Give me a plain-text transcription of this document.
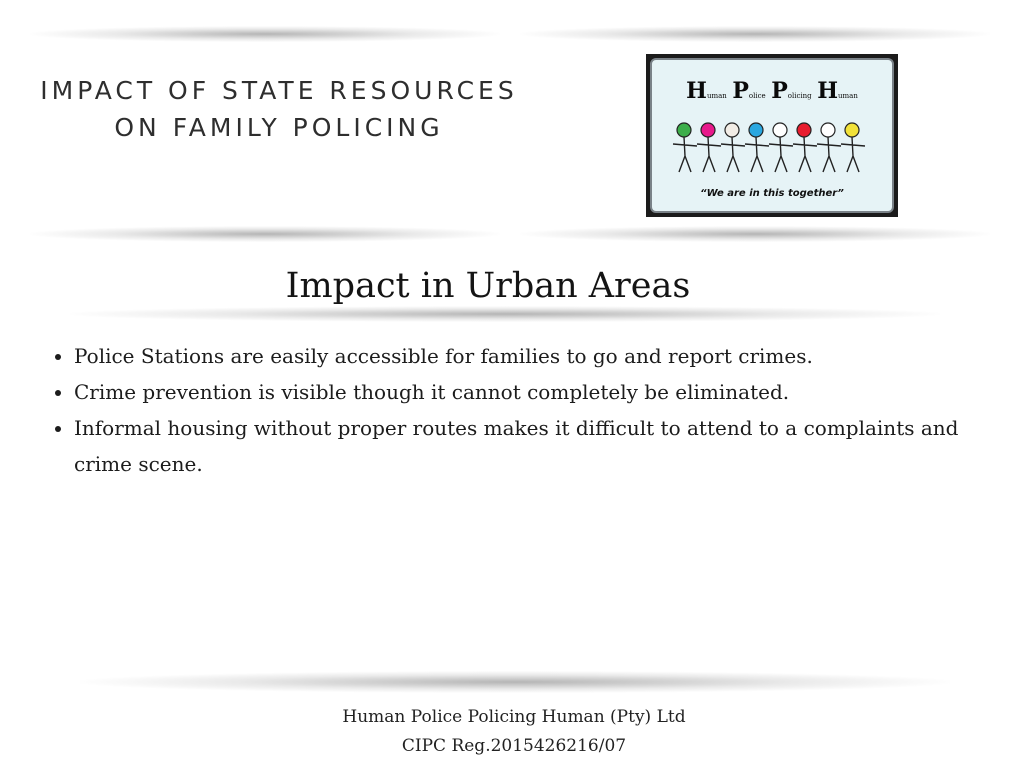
IMPACT OF STATE RESOURCES
ON FAMILY POLICING
Human Police Policing Human
“We are in this together”
Impact in Urban Areas
• Police Stations are easily accessible for families to go and report crimes.
• Crime prevention is visible though it cannot completely be eliminated.
• Informal housing without proper routes makes it difficult to attend to a complaints and crime scene.
Human Police Policing Human (Pty) Ltd
CIPC Reg.2015426216/07
